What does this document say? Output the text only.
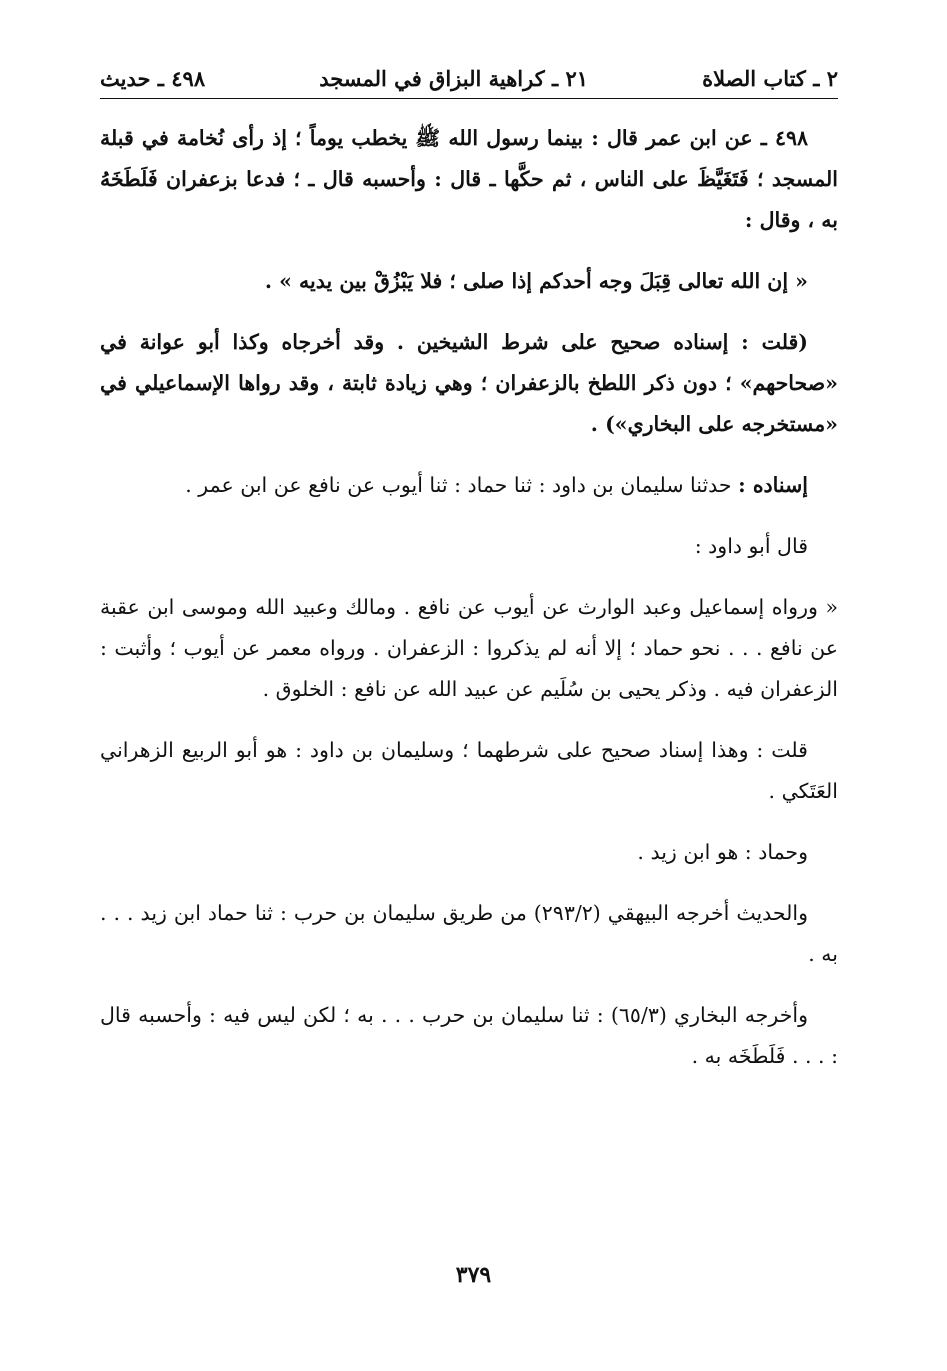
٢ ـ كتاب الصلاة
٢١ ـ كراهية البزاق في المسجد
٤٩٨ ـ حديث

٤٩٨ ـ عن ابن عمر قال : بينما رسول الله ﷺ يخطب يوماً ؛ إذ رأى نُخامة في قبلة المسجد ؛ فَتَغَيَّظَ على الناس ، ثم حكَّها ـ قال : وأحسبه قال ـ ؛ فدعا بزعفران فَلَطَخَهُ به ، وقال :

« إن الله تعالى قِبَلَ وجه أحدكم إذا صلى ؛ فلا يَبْزُقْ بين يديه » .

(قلت : إسناده صحيح على شرط الشيخين . وقد أخرجاه وكذا أبو عوانة في «صحاحهم» ؛ دون ذكر اللطخ بالزعفران ؛ وهي زيادة ثابتة ، وقد رواها الإسماعيلي في «مستخرجه على البخاري») .

إسناده : حدثنا سليمان بن داود : ثنا حماد : ثنا أيوب عن نافع عن ابن عمر .

قال أبو داود :

« ورواه إسماعيل وعبد الوارث عن أيوب عن نافع . ومالك وعبيد الله وموسى ابن عقبة عن نافع . . . نحو حماد ؛ إلا أنه لم يذكروا : الزعفران . ورواه معمر عن أيوب ؛ وأثبت : الزعفران فيه . وذكر يحيى بن سُلَيم عن عبيد الله عن نافع : الخلوق .

قلت : وهذا إسناد صحيح على شرطهما ؛ وسليمان بن داود : هو أبو الربيع الزهراني العَتَكي .

وحماد : هو ابن زيد .

والحديث أخرجه البيهقي (٢٩٣/٢) من طريق سليمان بن حرب : ثنا حماد ابن زيد . . . به .

وأخرجه البخاري (٦٥/٣) : ثنا سليمان بن حرب . . . به ؛ لكن ليس فيه : وأحسبه قال : . . . فَلَطَخَه به .

٣٧٩
